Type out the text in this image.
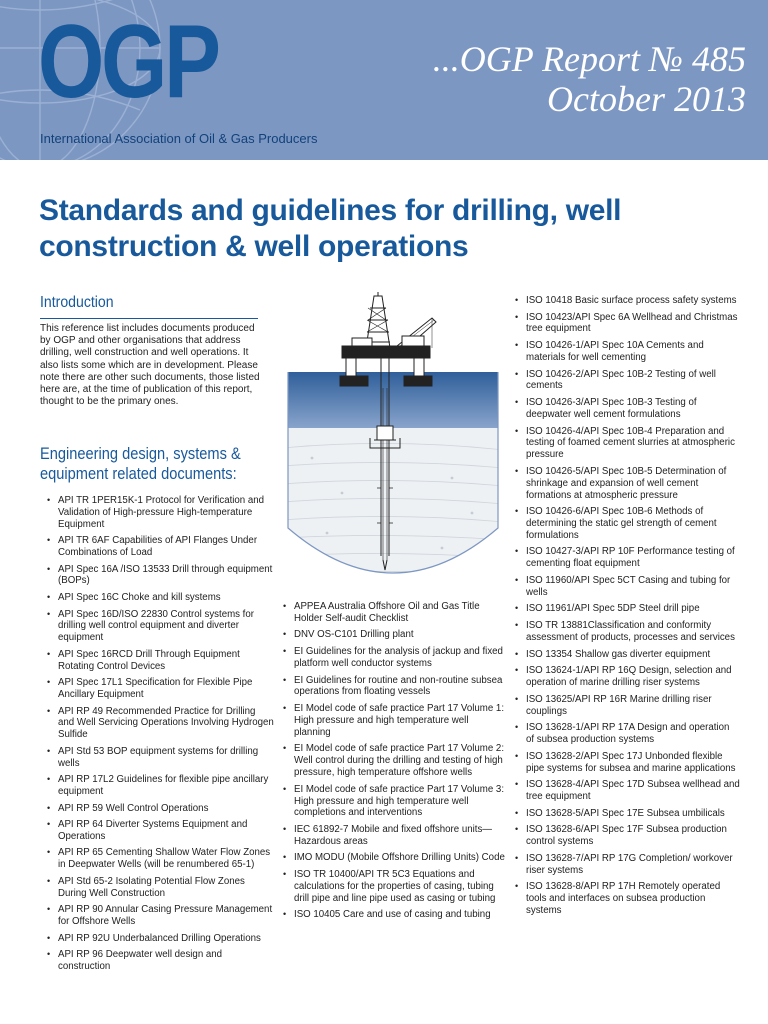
OGP
International Association of Oil & Gas Producers
...OGP Report № 485
October 2013
Standards and guidelines for drilling, well
construction & well operations
Introduction
This reference list includes documents produced by OGP and other organisations that address drilling, well construction and well operations. It also lists some which are in development. Please note there are other such documents, those listed here are, at the time of publication of this report, thought to be the primary ones.
Engineering design, systems &
equipment related documents:
• API TR 1PER15K-1 Protocol for Verification and Validation of High-pressure High-temperature Equipment
• API TR 6AF Capabilities of API Flanges Under Combinations of Load
• API Spec 16A /ISO 13533 Drill through equipment (BOPs)
• API Spec 16C Choke and kill systems
• API Spec 16D/ISO 22830 Control systems for drilling well control equipment and diverter equipment
• API Spec 16RCD Drill Through Equipment Rotating Control Devices
• API Spec 17L1 Specification for Flexible Pipe Ancillary Equipment
• API RP 49 Recommended Practice for Drilling and Well Servicing Operations Involving Hydrogen Sulfide
• API Std 53 BOP equipment systems for drilling wells
• API RP 17L2 Guidelines for flexible pipe ancillary equipment
• API RP 59 Well Control Operations
• API RP 64 Diverter Systems Equipment and Operations
• API RP 65 Cementing Shallow Water Flow Zones in Deepwater Wells (will be renumbered 65-1)
• API Std 65-2 Isolating Potential Flow Zones During Well Construction
• API RP 90 Annular Casing Pressure Management for Offshore Wells
• API RP 92U Underbalanced Drilling Operations
• API RP 96 Deepwater well design and construction
• APPEA Australia Offshore Oil and Gas Title Holder Self-audit Checklist
• DNV OS-C101 Drilling plant
• EI Guidelines for the analysis of jackup and fixed platform well conductor systems
• EI Guidelines for routine and non-routine subsea operations from floating vessels
• EI Model code of safe practice Part 17 Volume 1: High pressure and high temperature well planning
• EI Model code of safe practice Part 17 Volume 2: Well control during the drilling and testing of high pressure, high temperature offshore wells
• EI Model code of safe practice Part 17 Volume 3: High pressure and high temperature well completions and interventions
• IEC 61892-7 Mobile and fixed offshore units—Hazardous areas
• IMO MODU (Mobile Offshore Drilling Units) Code
• ISO TR 10400/API TR 5C3 Equations and calculations for the properties of casing, tubing drill pipe and line pipe used as casing or tubing
• ISO 10405 Care and use of casing and tubing
• ISO 10418 Basic surface process safety systems
• ISO 10423/API Spec 6A Wellhead and Christmas tree equipment
• ISO 10426-1/API Spec 10A Cements and materials for well cementing
• ISO 10426-2/API Spec 10B-2 Testing of well cements
• ISO 10426-3/API Spec 10B-3 Testing of deepwater well cement formulations
• ISO 10426-4/API Spec 10B-4 Preparation and testing of foamed cement slurries at atmospheric pressure
• ISO 10426-5/API Spec 10B-5 Determination of shrinkage and expansion of well cement formations at atmospheric pressure
• ISO 10426-6/API Spec 10B-6 Methods of determining the static gel strength of cement formulations
• ISO 10427-3/API RP 10F Performance testing of cementing float equipment
• ISO 11960/API Spec 5CT Casing and tubing for wells
• ISO 11961/API Spec 5DP Steel drill pipe
• ISO TR 13881Classification and conformity assessment of products, processes and services
• ISO 13354 Shallow gas diverter equipment
• ISO 13624-1/API RP 16Q Design, selection and operation of marine drilling riser systems
• ISO 13625/API RP 16R Marine drilling riser couplings
• ISO 13628-1/API RP 17A Design and operation of subsea production systems
• ISO 13628-2/API Spec 17J Unbonded flexible pipe systems for subsea and marine applications
• ISO 13628-4/API Spec 17D Subsea wellhead and tree equipment
• ISO 13628-5/API Spec 17E Subsea umbilicals
• ISO 13628-6/API Spec 17F Subsea production control systems
• ISO 13628-7/API RP 17G Completion/ workover riser systems
• ISO 13628-8/API RP 17H Remotely operated tools and interfaces on subsea production systems
